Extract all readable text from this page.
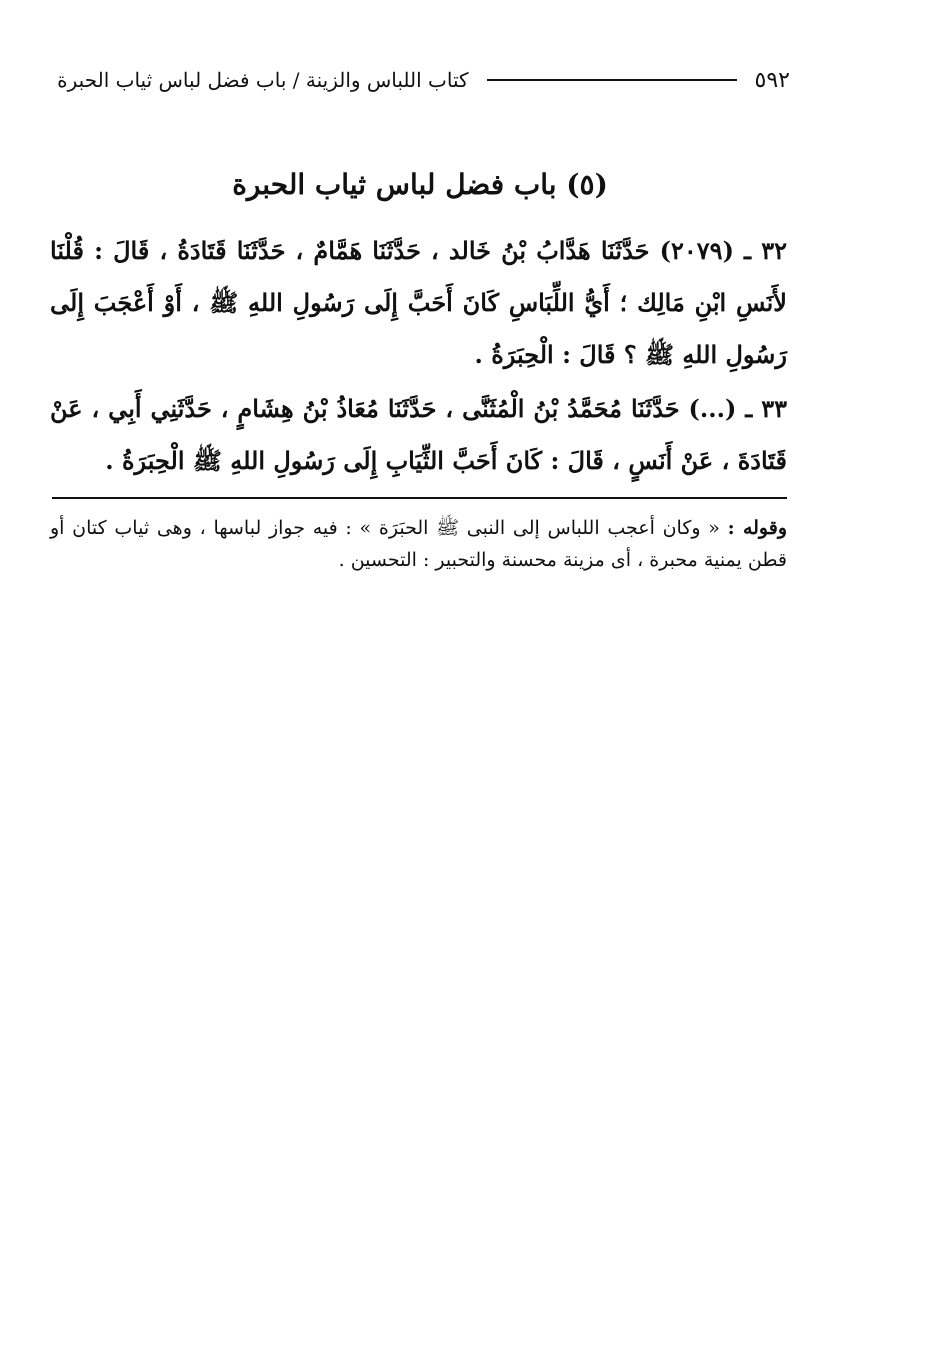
٥٩٢
كتاب اللباس والزينة / باب فضل لباس ثياب الحبرة
(٥) باب فضل لباس ثياب الحبرة
٣٢ ـ (٢٠٧٩) حَدَّثَنَا هَدَّابُ بْنُ خَالد ، حَدَّثَنَا هَمَّامٌ ، حَدَّثَنَا قَتَادَةُ ، قَالَ : قُلْنَا لأَنَسِ ابْنِ مَالِك ؛ أَيُّ اللِّبَاسِ كَانَ أَحَبَّ إِلَى رَسُولِ اللهِ ﷺ ، أَوْ أَعْجَبَ إِلَى رَسُولِ اللهِ ﷺ ؟ قَالَ : الْحِبَرَةُ .
٣٣ ـ (...) حَدَّثَنَا مُحَمَّدُ بْنُ الْمُثَنَّى ، حَدَّثَنَا مُعَاذُ بْنُ هِشَامٍ ، حَدَّثَنِي أَبِي ، عَنْ قَتَادَةَ ، عَنْ أَنَسٍ ، قَالَ : كَانَ أَحَبَّ الثِّيَابِ إِلَى رَسُولِ اللهِ ﷺ الْحِبَرَةُ .
وقوله : « وكان أعجب اللباس إلى النبى ﷺ الحبَرَة » : فيه جواز لباسها ، وهى ثياب كتان أو قطن يمنية محبرة ، أى مزينة محسنة والتحبير : التحسين .
